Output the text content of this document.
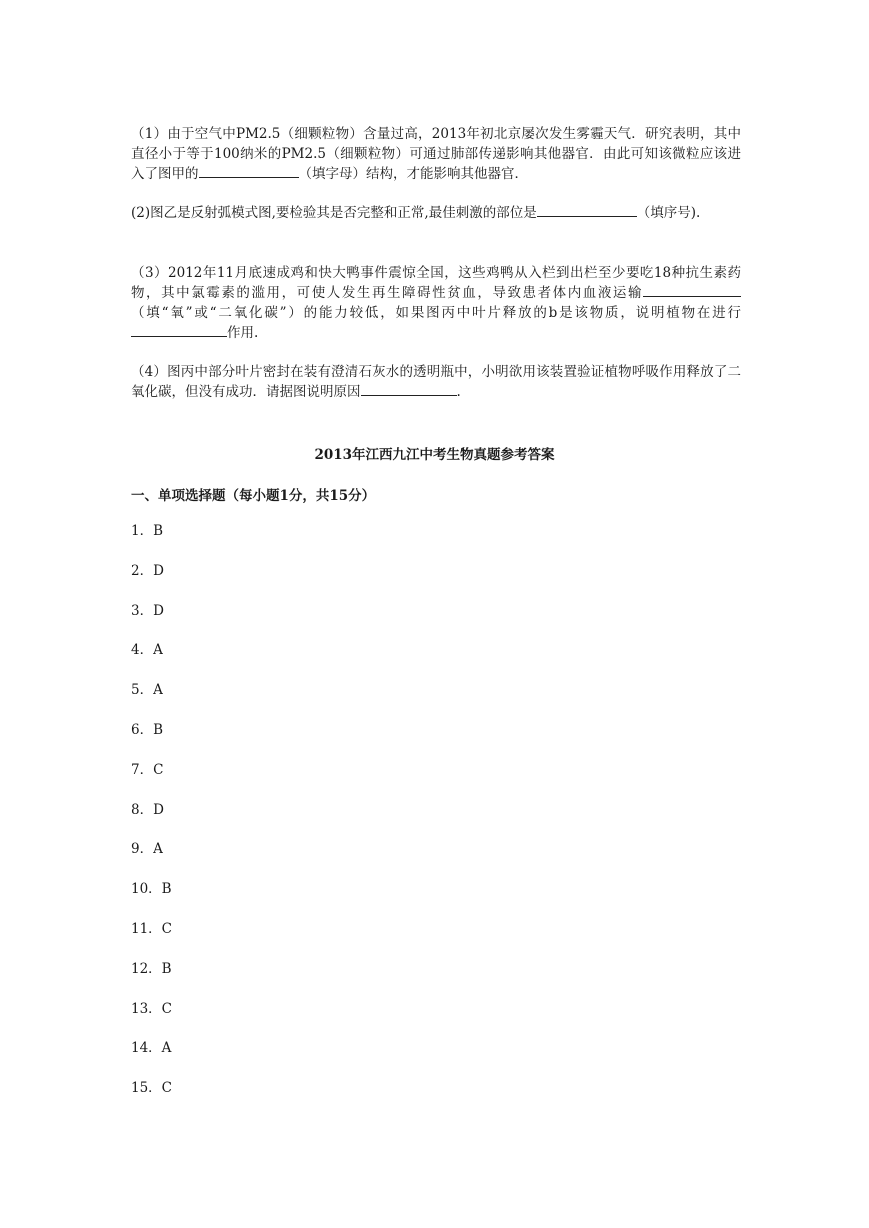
（1）由于空气中PM2.5（细颗粒物）含量过高，2013年初北京屡次发生雾霾天气．研究表明，其中直径小于等于100纳米的PM2.5（细颗粒物）可通过肺部传递影响其他器官．由此可知该微粒应该进入了图甲的	（填字母）结构，才能影响其他器官．

(2)图乙是反射弧模式图,要检验其是否完整和正常,最佳刺激的部位是	（填序号).

（3）2012年11月底速成鸡和快大鸭事件震惊全国，这些鸡鸭从入栏到出栏至少要吃18种抗生素药物，其中氯霉素的滥用，可使人发生再生障碍性贫血，导致患者体内血液运输（填“氧”或“二氧化碳”）的能力较低，如果图丙中叶片释放的b是该物质，说明植物在进行作用.

（4）图丙中部分叶片密封在装有澄清石灰水的透明瓶中，小明欲用该装置验证植物呼吸作用释放了二氧化碳，但没有成功．请据图说明原因	.

2013年江西九江中考生物真题参考答案
一、单项选择题（每小题1分，共15分）
1．B
2．D
3．D
4．A
5．A
6．B
7．C
8．D
9．A
10．B
11．C
12．B
13．C
14．A
15．C
